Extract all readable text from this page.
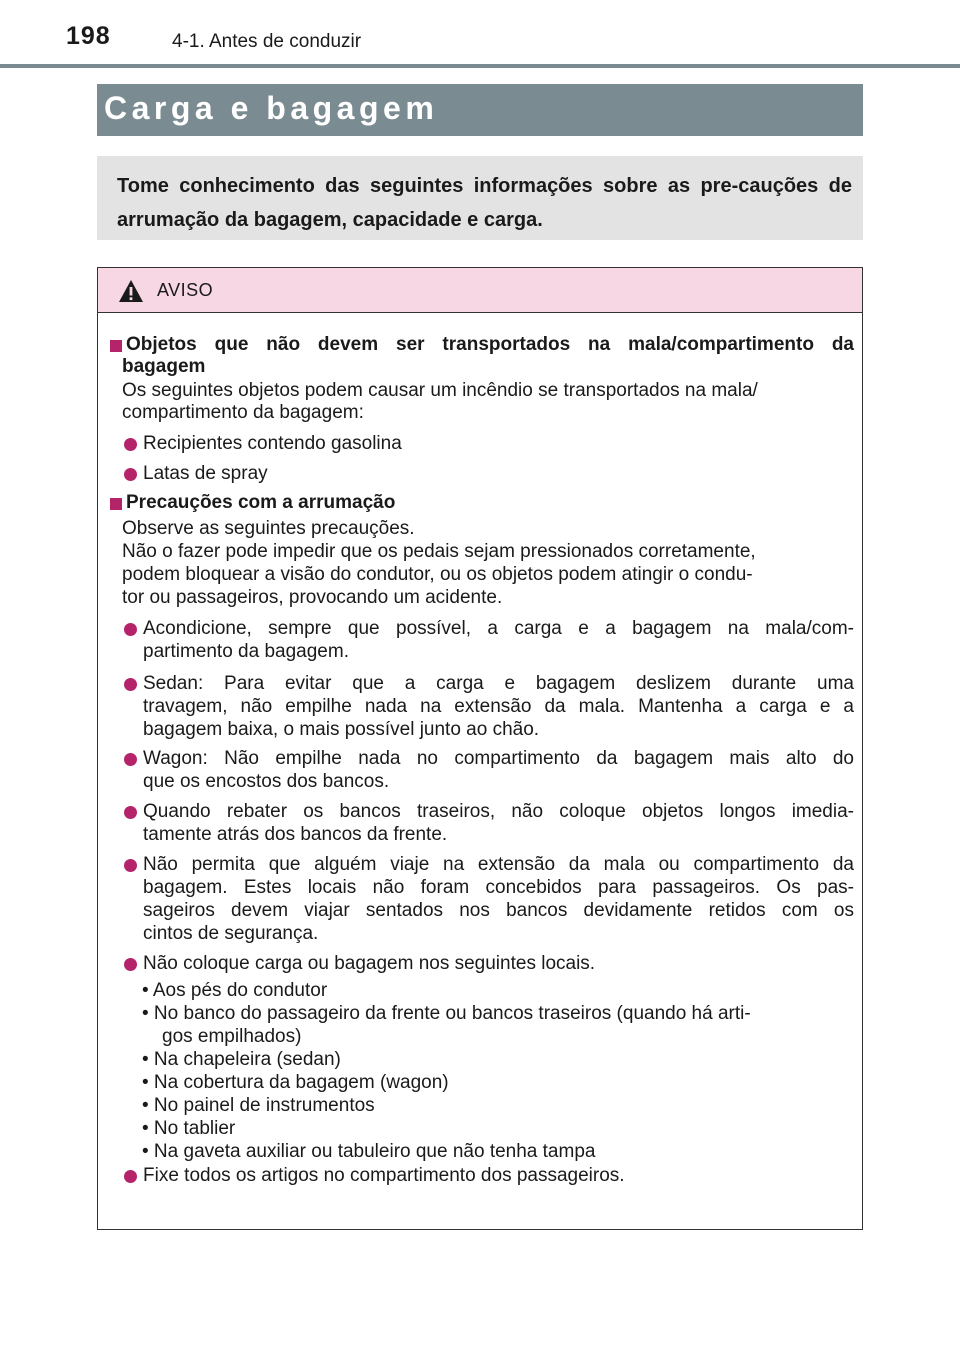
198	4-1. Antes de conduzir
Carga e bagagem
Tome conhecimento das seguintes informações sobre as pre-cauções de arrumação da bagagem, capacidade e carga.
AVISO
Objetos que não devem ser transportados na mala/compartimento da
bagagem
Os seguintes objetos podem causar um incêndio se transportados na mala/
compartimento da bagagem:
Recipientes contendo gasolina
Latas de spray
Precauções com a arrumação
Observe as seguintes precauções.
Não o fazer pode impedir que os pedais sejam pressionados corretamente,
podem bloquear a visão do condutor, ou os objetos podem atingir o condu-
tor ou passageiros, provocando um acidente.
Acondicione, sempre que possível, a carga e a bagagem na mala/com-
partimento da bagagem.
Sedan: Para evitar que a carga e bagagem deslizem durante uma
travagem, não empilhe nada na extensão da mala. Mantenha a carga e a
bagagem baixa, o mais possível junto ao chão.
Wagon: Não empilhe nada no compartimento da bagagem mais alto do
que os encostos dos bancos.
Quando rebater os bancos traseiros, não coloque objetos longos imedia-
tamente atrás dos bancos da frente.
Não permita que alguém viaje na extensão da mala ou compartimento da
bagagem. Estes locais não foram concebidos para passageiros. Os pas-
sageiros devem viajar sentados nos bancos devidamente retidos com os
cintos de segurança.
Não coloque carga ou bagagem nos seguintes locais.
• Aos pés do condutor
• No banco do passageiro da frente ou bancos traseiros (quando há arti-
gos empilhados)
• Na chapeleira (sedan)
• Na cobertura da bagagem (wagon)
• No painel de instrumentos
• No tablier
• Na gaveta auxiliar ou tabuleiro que não tenha tampa
Fixe todos os artigos no compartimento dos passageiros.
